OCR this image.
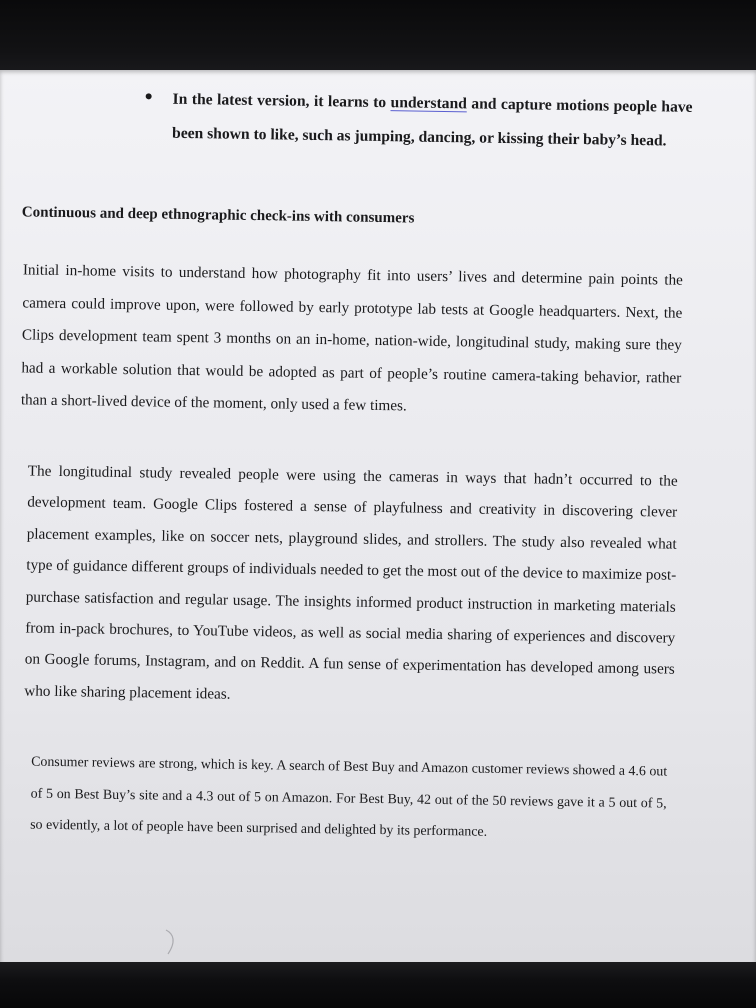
In the latest version, it learns to understand and capture motions people have been shown to like, such as jumping, dancing, or kissing their baby’s head.

Continuous and deep ethnographic check-ins with consumers

Initial in-home visits to understand how photography fit into users’ lives and determine pain points the camera could improve upon, were followed by early prototype lab tests at Google headquarters. Next, the Clips development team spent 3 months on an in-home, nation-wide, longitudinal study, making sure they had a workable solution that would be adopted as part of people’s routine camera-taking behavior, rather than a short-lived device of the moment, only used a few times.

The longitudinal study revealed people were using the cameras in ways that hadn’t occurred to the development team. Google Clips fostered a sense of playfulness and creativity in discovering clever placement examples, like on soccer nets, playground slides, and strollers. The study also revealed what type of guidance different groups of individuals needed to get the most out of the device to maximize post-purchase satisfaction and regular usage. The insights informed product instruction in marketing materials from in-pack brochures, to YouTube videos, as well as social media sharing of experiences and discovery on Google forums, Instagram, and on Reddit. A fun sense of experimentation has developed among users who like sharing placement ideas.

Consumer reviews are strong, which is key. A search of Best Buy and Amazon customer reviews showed a 4.6 out of 5 on Best Buy’s site and a 4.3 out of 5 on Amazon. For Best Buy, 42 out of the 50 reviews gave it a 5 out of 5, so evidently, a lot of people have been surprised and delighted by its performance.
